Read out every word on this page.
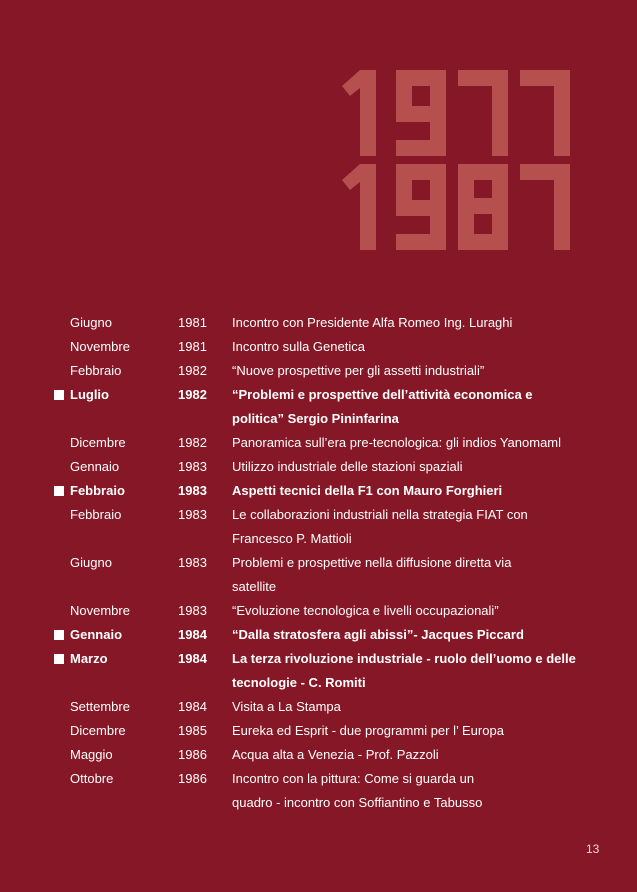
Giugno	1981 Incontro con Presidente Alfa Romeo Ing. Luraghi
Novembre	1981 Incontro sulla Genetica
Febbraio	1982 “Nuove prospettive per gli assetti industriali”
Luglio	1982 “Problemi e prospettive dell’attività economica e
politica” Sergio Pininfarina
Dicembre	1982 Panoramica sull’era pre-tecnologica: gli indios Yanomaml
Gennaio	1983 Utilizzo industriale delle stazioni spaziali
Febbraio	1983 Aspetti tecnici della F1 con Mauro Forghieri
Febbraio	1983 Le collaborazioni industriali nella strategia FIAT con
Francesco P. Mattioli
Giugno	1983 Problemi e prospettive nella diffusione diretta via
satellite
Novembre	1983 “Evoluzione tecnologica e livelli occupazionali”
Gennaio	1984 “Dalla stratosfera agli abissi”- Jacques Piccard
Marzo	1984 La terza rivoluzione industriale - ruolo dell’uomo e delle
tecnologie - C. Romiti
Settembre	1984 Visita a La Stampa
Dicembre	1985 Eureka ed Esprit - due programmi per l’ Europa
Maggio	1986 Acqua alta a Venezia - Prof. Pazzoli
Ottobre	1986 Incontro con la pittura: Come si guarda un
quadro - incontro con Soffiantino e Tabusso
13
